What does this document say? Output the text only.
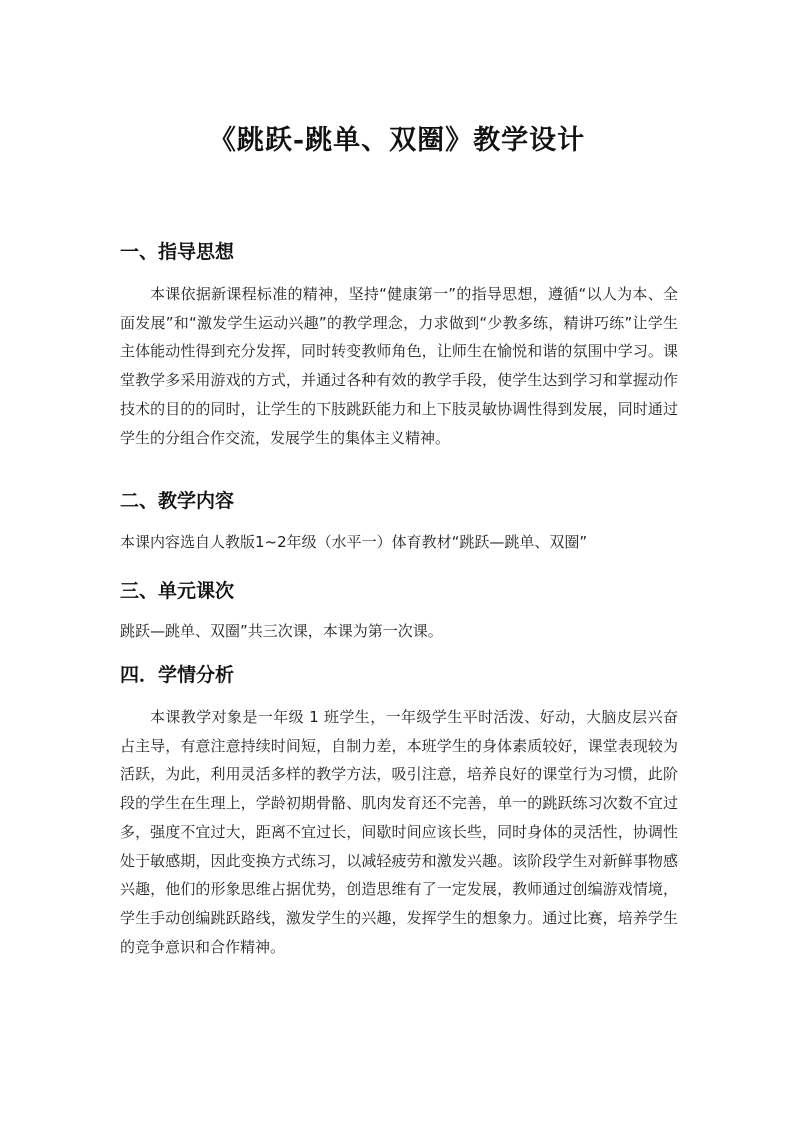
《跳跃-跳单、双圈》教学设计
一、指导思想

本课依据新课程标准的精神，坚持“健康第一”的指导思想，遵循“以人为本、全面发展”和“激发学生运动兴趣”的教学理念，力求做到“少教多练，精讲巧练”让学生主体能动性得到充分发挥，同时转变教师角色，让师生在愉悦和谐的氛围中学习。课堂教学多采用游戏的方式，并通过各种有效的教学手段，使学生达到学习和掌握动作技术的目的的同时，让学生的下肢跳跃能力和上下肢灵敏协调性得到发展，同时通过学生的分组合作交流，发展学生的集体主义精神。

二、教学内容

本课内容选自人教版1~2年级（水平一）体育教材“跳跃—跳单、双圈”

三、单元课次

跳跃—跳单、双圈”共三次课，本课为第一次课。

四．学情分析

本课教学对象是一年级 1 班学生，一年级学生平时活泼、好动，大脑皮层兴奋占主导，有意注意持续时间短，自制力差，本班学生的身体素质较好，课堂表现较为活跃，为此，利用灵活多样的教学方法，吸引注意，培养良好的课堂行为习惯，此阶段的学生在生理上，学龄初期骨骼、肌肉发育还不完善，单一的跳跃练习次数不宜过多，强度不宜过大，距离不宜过长，间歇时间应该长些，同时身体的灵活性，协调性处于敏感期，因此变换方式练习，以减轻疲劳和激发兴趣。该阶段学生对新鲜事物感兴趣，他们的形象思维占据优势，创造思维有了一定发展，教师通过创编游戏情境，学生手动创编跳跃路线，激发学生的兴趣，发挥学生的想象力。通过比赛，培养学生的竞争意识和合作精神。
